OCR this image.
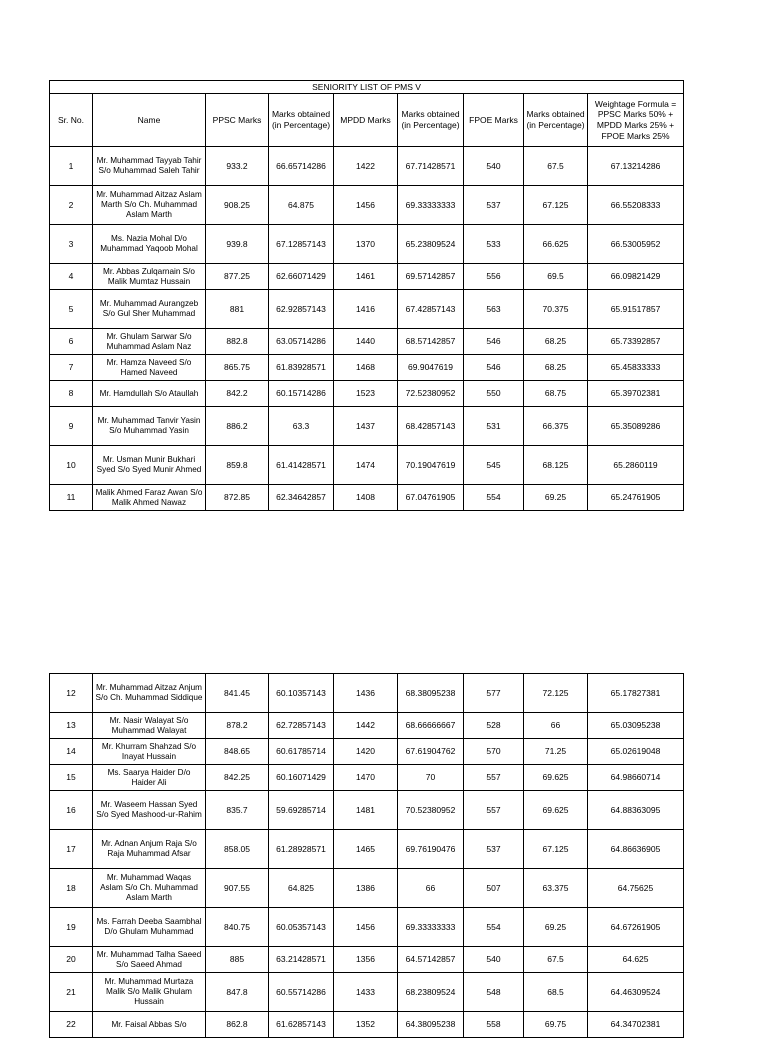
SENIORITY LIST OF PMS V								
Sr. No.	Name	PPSC Marks	Marks obtained (in Percentage)	MPDD Marks	Marks obtained (in Percentage)	FPOE Marks	Marks obtained (in Percentage)	Weightage Formula = PPSC Marks 50% + MPDD Marks 25% + FPOE Marks 25%
1	Mr. Muhammad Tayyab Tahir S/o Muhammad Saleh Tahir	933.2	66.65714286	1422	67.71428571	540	67.5	67.13214286
2	Mr. Muhammad Aitzaz Aslam Marth S/o Ch. Muhammad Aslam Marth	908.25	64.875	1456	69.33333333	537	67.125	66.55208333
3	Ms. Nazia Mohal D/o Muhammad Yaqoob Mohal	939.8	67.12857143	1370	65.23809524	533	66.625	66.53005952
4	Mr. Abbas Zulqarnain S/o Malik Mumtaz Hussain	877.25	62.66071429	1461	69.57142857	556	69.5	66.09821429
5	Mr. Muhammad Aurangzeb S/o Gul Sher Muhammad	881	62.92857143	1416	67.42857143	563	70.375	65.91517857
6	Mr. Ghulam Sarwar S/o Muhammad Aslam Naz	882.8	63.05714286	1440	68.57142857	546	68.25	65.73392857
7	Mr. Hamza Naveed S/o Hamed Naveed	865.75	61.83928571	1468	69.9047619	546	68.25	65.45833333
8	Mr. Hamdullah S/o Ataullah	842.2	60.15714286	1523	72.52380952	550	68.75	65.39702381
9	Mr. Muhammad Tanvir Yasin S/o Muhammad Yasin	886.2	63.3	1437	68.42857143	531	66.375	65.35089286
10	Mr. Usman Munir Bukhari Syed S/o Syed Munir Ahmed	859.8	61.41428571	1474	70.19047619	545	68.125	65.2860119
11	Malik Ahmed Faraz Awan S/o Malik Ahmed Nawaz	872.85	62.34642857	1408	67.04761905	554	69.25	65.24761905
12	Mr. Muhammad Aitzaz Anjum S/o Ch. Muhammad Siddique	841.45	60.10357143	1436	68.38095238	577	72.125	65.17827381
13	Mr. Nasir Walayat S/o Muhammad Walayat	878.2	62.72857143	1442	68.66666667	528	66	65.03095238
14	Mr. Khurram Shahzad S/o Inayat Hussain	848.65	60.61785714	1420	67.61904762	570	71.25	65.02619048
15	Ms. Saarya Haider D/o Haider Ali	842.25	60.16071429	1470	70	557	69.625	64.98660714
16	Mr. Waseem Hassan Syed S/o Syed Mashood-ur-Rahim	835.7	59.69285714	1481	70.52380952	557	69.625	64.88363095
17	Mr. Adnan Anjum Raja S/o Raja Muhammad Afsar	858.05	61.28928571	1465	69.76190476	537	67.125	64.86636905
18	Mr. Muhammad Waqas Aslam S/o Ch. Muhammad Aslam Marth	907.55	64.825	1386	66	507	63.375	64.75625
19	Ms. Farrah Deeba Saambhal D/o Ghulam Muhammad	840.75	60.05357143	1456	69.33333333	554	69.25	64.67261905
20	Mr. Muhammad Talha Saeed S/o Saeed Ahmad	885	63.21428571	1356	64.57142857	540	67.5	64.625
21	Mr. Muhammad Murtaza Malik S/o Malik Ghulam Hussain	847.8	60.55714286	1433	68.23809524	548	68.5	64.46309524
22	Mr. Faisal Abbas S/o	862.8	61.62857143	1352	64.38095238	558	69.75	64.34702381
